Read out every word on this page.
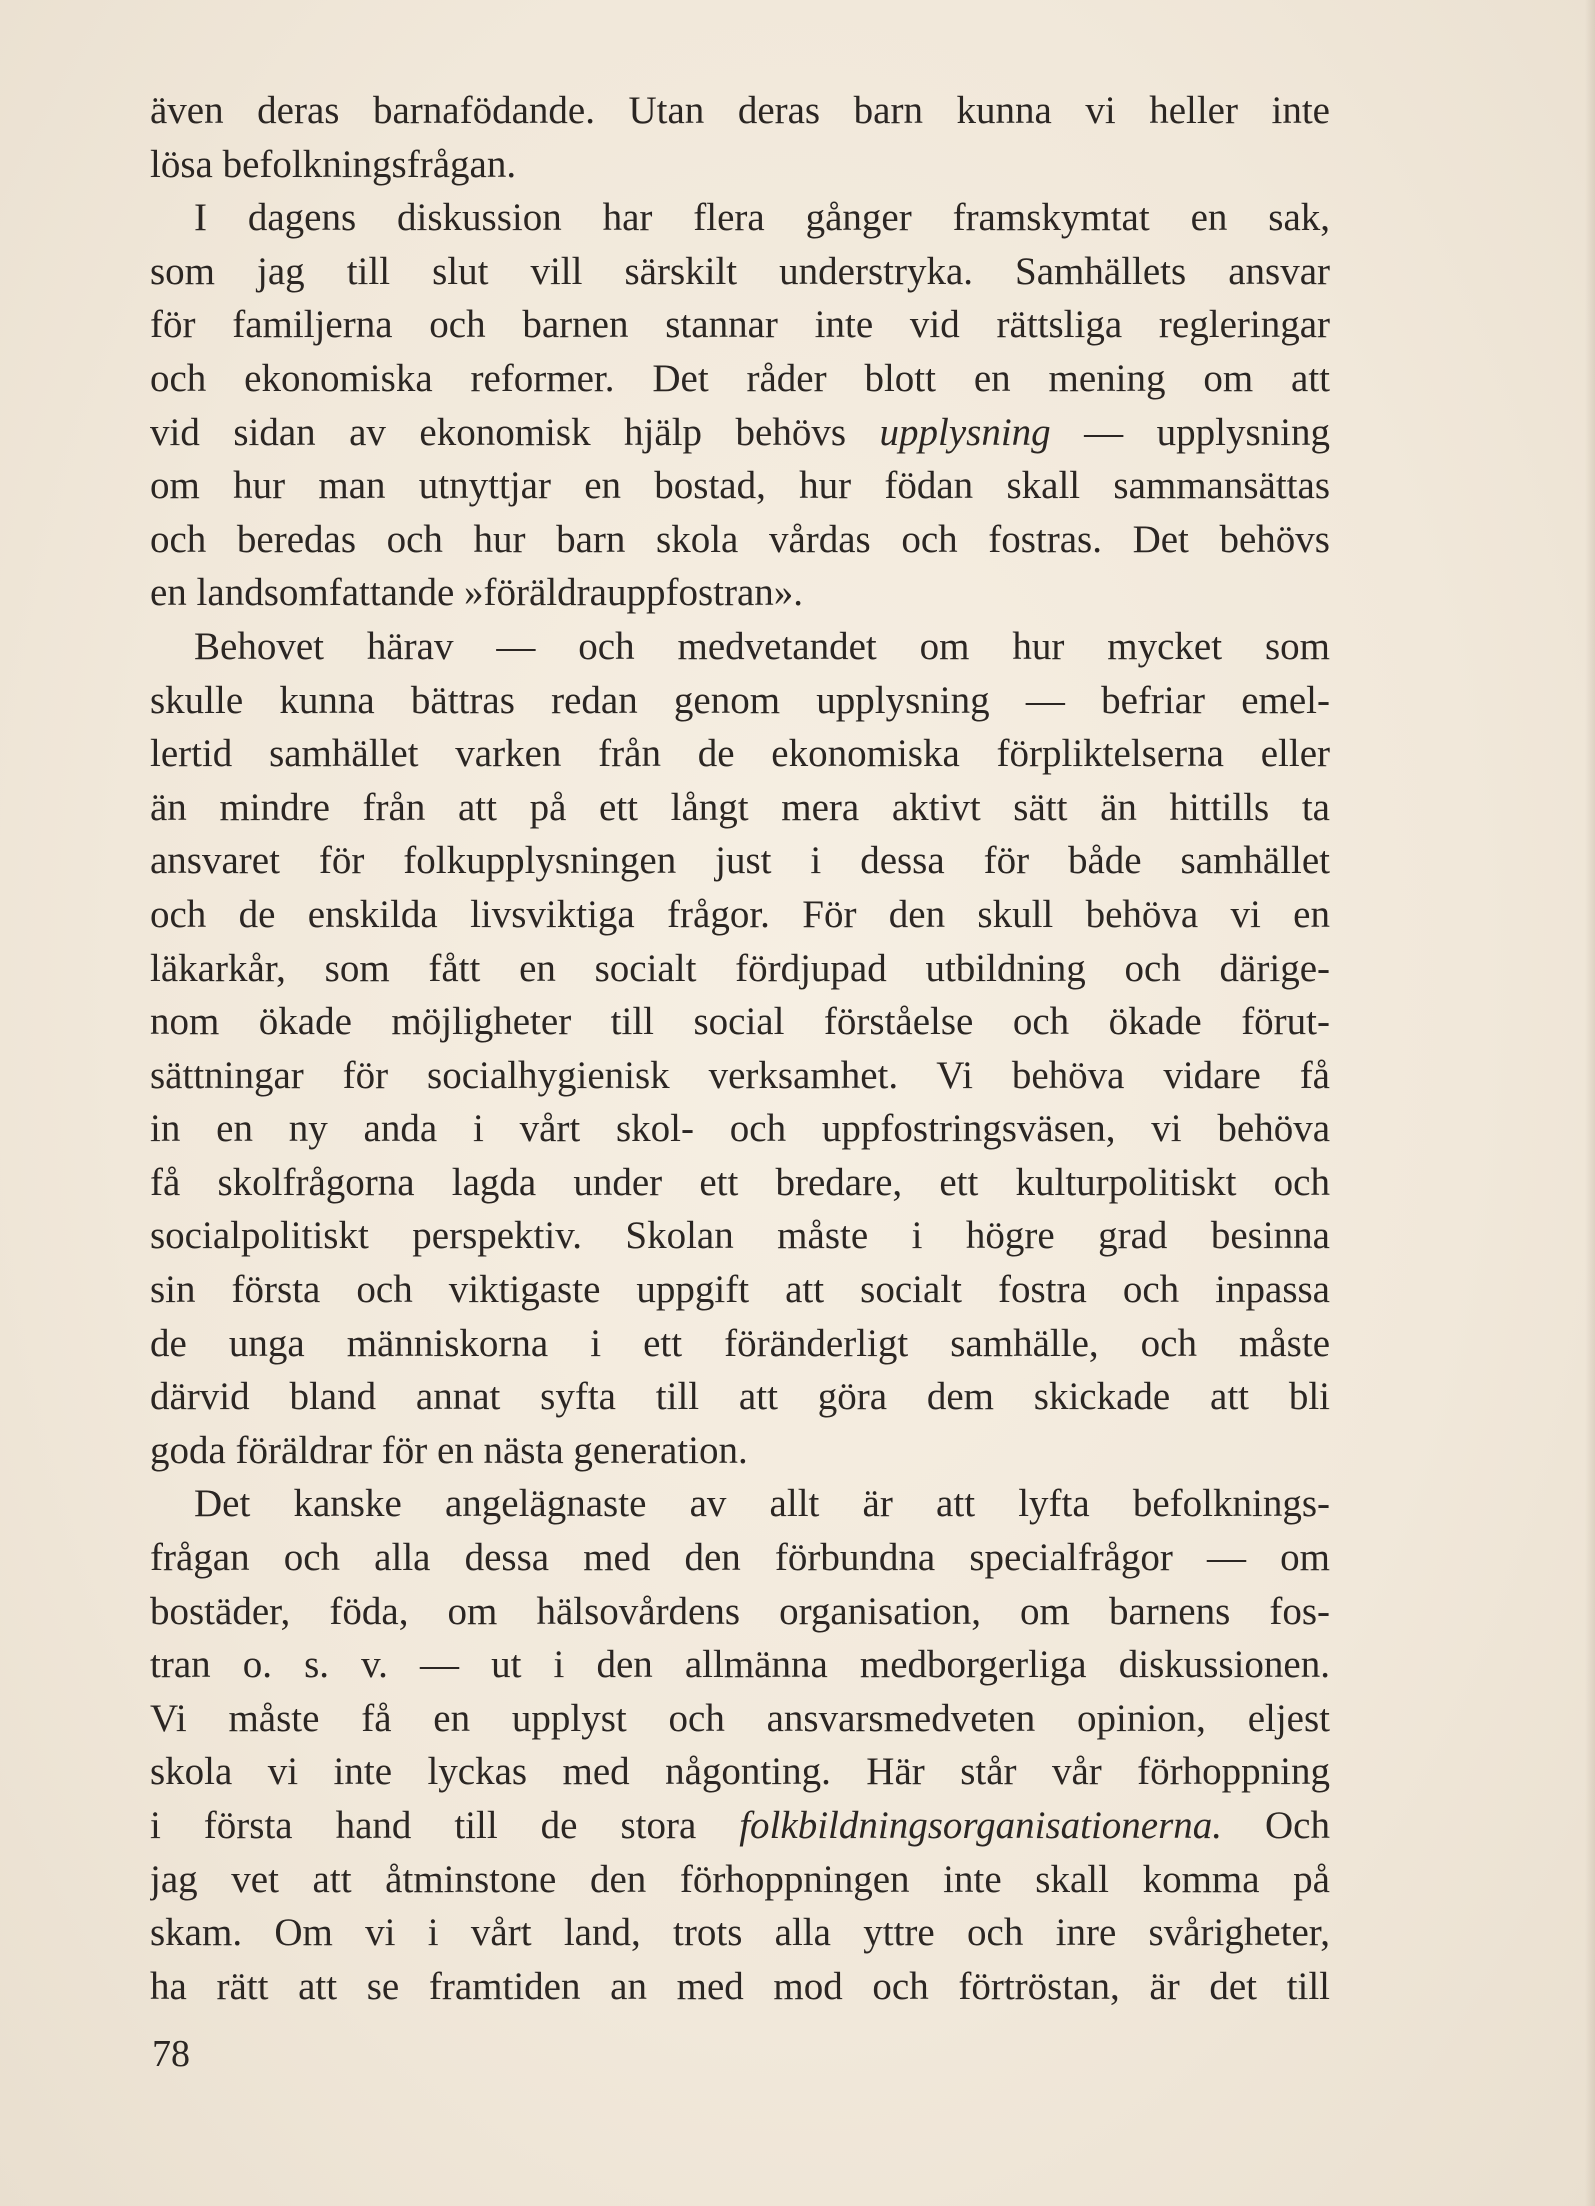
även deras barnafödande. Utan deras barn kunna vi heller inte
lösa befolkningsfrågan.
I dagens diskussion har flera gånger framskymtat en sak,
som jag till slut vill särskilt understryka. Samhällets ansvar
för familjerna och barnen stannar inte vid rättsliga regleringar
och ekonomiska reformer. Det råder blott en mening om att
vid sidan av ekonomisk hjälp behövs upplysning — upplysning
om hur man utnyttjar en bostad, hur födan skall sammansättas
och beredas och hur barn skola vårdas och fostras. Det behövs
en landsomfattande »föräldrauppfostran».
Behovet härav — och medvetandet om hur mycket som
skulle kunna bättras redan genom upplysning — befriar emel-
lertid samhället varken från de ekonomiska förpliktelserna eller
än mindre från att på ett långt mera aktivt sätt än hittills ta
ansvaret för folkupplysningen just i dessa för både samhället
och de enskilda livsviktiga frågor. För den skull behöva vi en
läkarkår, som fått en socialt fördjupad utbildning och därige-
nom ökade möjligheter till social förståelse och ökade förut-
sättningar för socialhygienisk verksamhet. Vi behöva vidare få
in en ny anda i vårt skol- och uppfostringsväsen, vi behöva
få skolfrågorna lagda under ett bredare, ett kulturpolitiskt och
socialpolitiskt perspektiv. Skolan måste i högre grad besinna
sin första och viktigaste uppgift att socialt fostra och inpassa
de unga människorna i ett föränderligt samhälle, och måste
därvid bland annat syfta till att göra dem skickade att bli
goda föräldrar för en nästa generation.
Det kanske angelägnaste av allt är att lyfta befolknings-
frågan och alla dessa med den förbundna specialfrågor — om
bostäder, föda, om hälsovårdens organisation, om barnens fos-
tran o. s. v. — ut i den allmänna medborgerliga diskussionen.
Vi måste få en upplyst och ansvarsmedveten opinion, eljest
skola vi inte lyckas med någonting. Här står vår förhoppning
i första hand till de stora folkbildningsorganisationerna. Och
jag vet att åtminstone den förhoppningen inte skall komma på
skam. Om vi i vårt land, trots alla yttre och inre svårigheter,
ha rätt att se framtiden an med mod och förtröstan, är det till
78
